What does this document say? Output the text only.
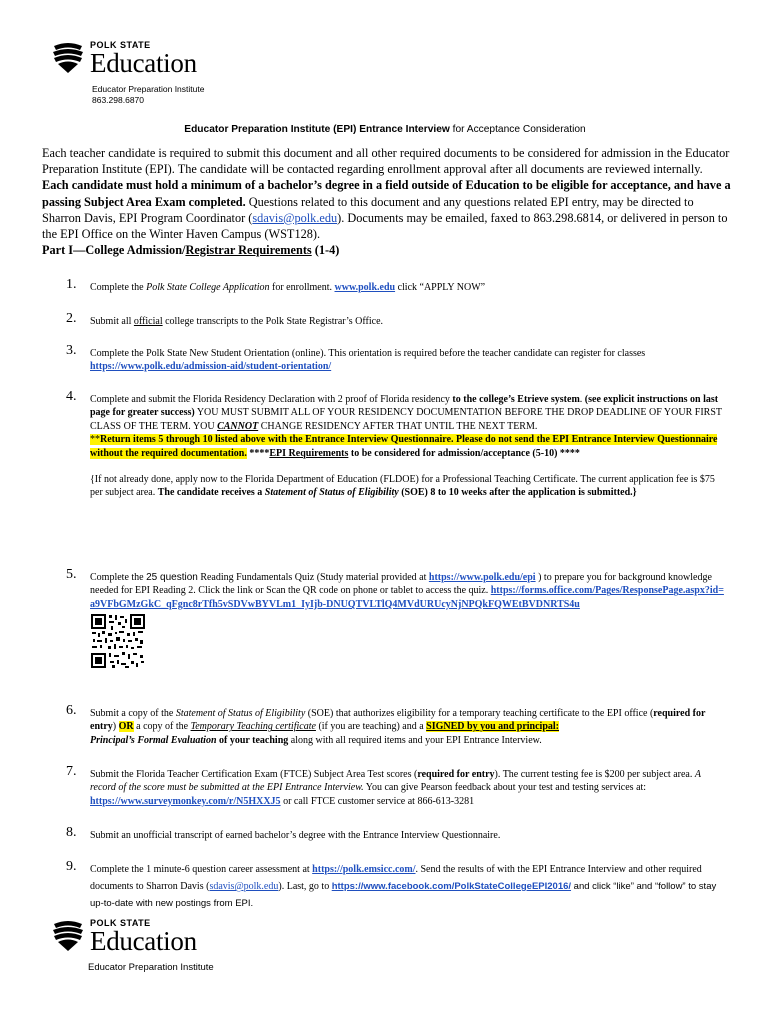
POLK STATE
Education
Educator Preparation Institute
863.298.6870
Educator Preparation Institute (EPI) Entrance Interview for Acceptance Consideration
Each teacher candidate is required to submit this document and all other required documents to be considered for admission in the Educator Preparation Institute (EPI). The candidate will be contacted regarding enrollment approval after all documents are reviewed internally. Each candidate must hold a minimum of a bachelor’s degree in a field outside of Education to be eligible for acceptance, and have a passing Subject Area Exam completed. Questions related to this document and any questions related EPI entry, may be directed to Sharron Davis, EPI Program Coordinator (sdavis@polk.edu). Documents may be emailed, faxed to 863.298.6814, or delivered in person to the EPI Office on the Winter Haven Campus (WST128).
Part I—College Admission/Registrar Requirements (1-4)
1. Complete the Polk State College Application for enrollment. www.polk.edu click “APPLY NOW”
2. Submit all official college transcripts to the Polk State Registrar’s Office.
3. Complete the Polk State New Student Orientation (online). This orientation is required before the teacher candidate can register for classes https://www.polk.edu/admission-aid/student-orientation/
4. Complete and submit the Florida Residency Declaration with 2 proof of Florida residency to the college’s Etrieve system. (see explicit instructions on last page for greater success) YOU MUST SUBMIT ALL OF YOUR RESIDENCY DOCUMENTATION BEFORE THE DROP DEADLINE OF YOUR FIRST CLASS OF THE TERM. YOU CANNOT CHANGE RESIDENCY AFTER THAT UNTIL THE NEXT TERM.
**Return items 5 through 10 listed above with the Entrance Interview Questionnaire. Please do not send the EPI Entrance Interview Questionnaire without the required documentation. ****EPI Requirements to be considered for admission/acceptance (5-10) ****
{If not already done, apply now to the Florida Department of Education (FLDOE) for a Professional Teaching Certificate. The current application fee is $75 per subject area. The candidate receives a Statement of Status of Eligibility (SOE) 8 to 10 weeks after the application is submitted.}
5. Complete the 25 question Reading Fundamentals Quiz (Study material provided at https://www.polk.edu/epi ) to prepare you for background knowledge needed for EPI Reading 2. Click the link or Scan the QR code on phone or tablet to access the quiz. https://forms.office.com/Pages/ResponsePage.aspx?id=a9VFbGMzGkC_qFgnc8rTfh5vSDVwBYVLm1_IyIjb-DNUQTVLTlQ4MVdURUcyNjNPQkFQWEtBVDNRTS4u
6. Submit a copy of the Statement of Status of Eligibility (SOE) that authorizes eligibility for a temporary teaching certificate to the EPI office (required for entry) OR a copy of the Temporary Teaching certificate (if you are teaching) and a SIGNED by you and principal:
Principal’s Formal Evaluation of your teaching along with all required items and your EPI Entrance Interview.
7. Submit the Florida Teacher Certification Exam (FTCE) Subject Area Test scores (required for entry). The current testing fee is $200 per subject area. A record of the score must be submitted at the EPI Entrance Interview. You can give Pearson feedback about your test and testing services at: https://www.surveymonkey.com/r/N5HXXJ5 or call FTCE customer service at 866-613-3281
8. Submit an unofficial transcript of earned bachelor’s degree with the Entrance Interview Questionnaire.
9. Complete the 1 minute-6 question career assessment at https://polk.emsicc.com/. Send the results of with the EPI Entrance Interview and other required documents to Sharron Davis (sdavis@polk.edu). Last, go to https://www.facebook.com/PolkStateCollegeEPI2016/ and click “like” and “follow” to stay up-to-date with new postings from EPI.
POLK STATE
Education
Educator Preparation Institute
